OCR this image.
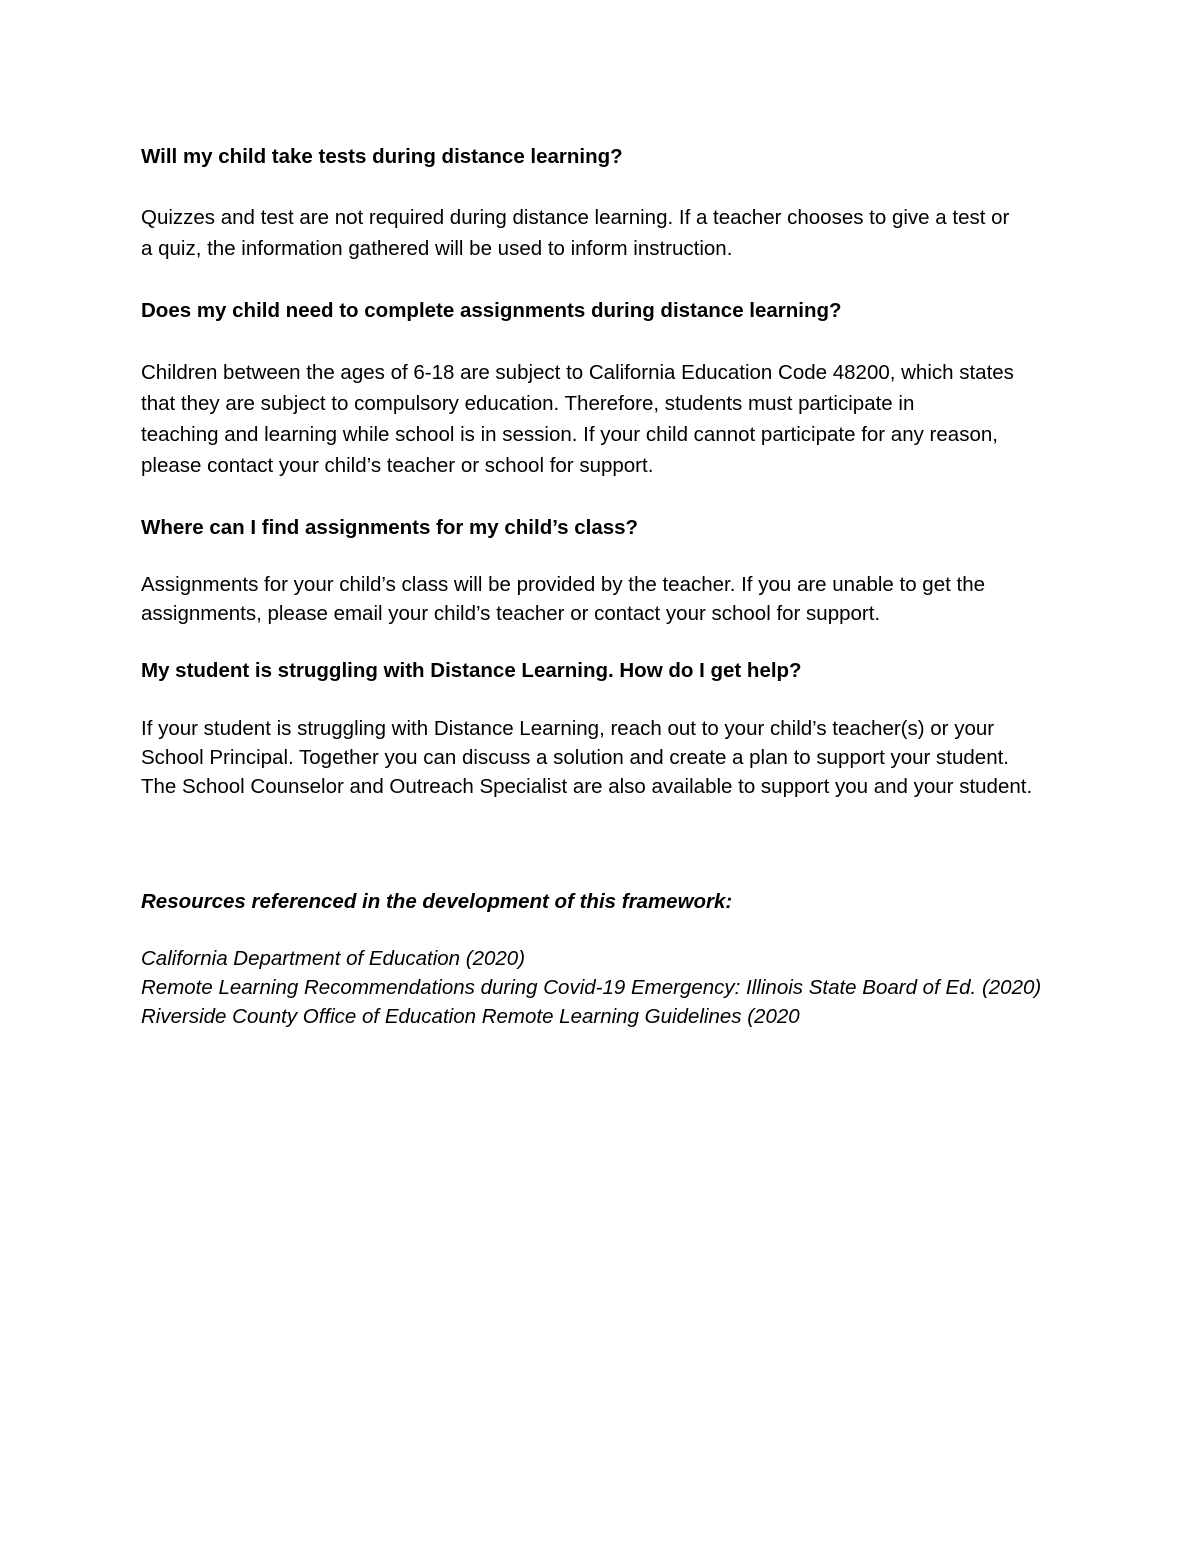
Will my child take tests during distance learning?
Quizzes and test are not required during distance learning. If a teacher chooses to give a test or
a quiz, the information gathered will be used to inform instruction.
Does my child need to complete assignments during distance learning?
Children between the ages of 6-18 are subject to California Education Code 48200, which states
that they are subject to compulsory education. Therefore, students must participate in
teaching and learning while school is in session. If your child cannot participate for any reason,
please contact your child’s teacher or school for support.
Where can I find assignments for my child’s class?
Assignments for your child’s class will be provided by the teacher. If you are unable to get the
assignments, please email your child’s teacher or contact your school for support.
My student is struggling with Distance Learning. How do I get help?
If your student is struggling with Distance Learning, reach out to your child’s teacher(s) or your
School Principal. Together you can discuss a solution and create a plan to support your student.
The School Counselor and Outreach Specialist are also available to support you and your student.
Resources referenced in the development of this framework:
California Department of Education (2020)
Remote Learning Recommendations during Covid-19 Emergency: Illinois State Board of Ed. (2020)
Riverside County Office of Education Remote Learning Guidelines (2020
